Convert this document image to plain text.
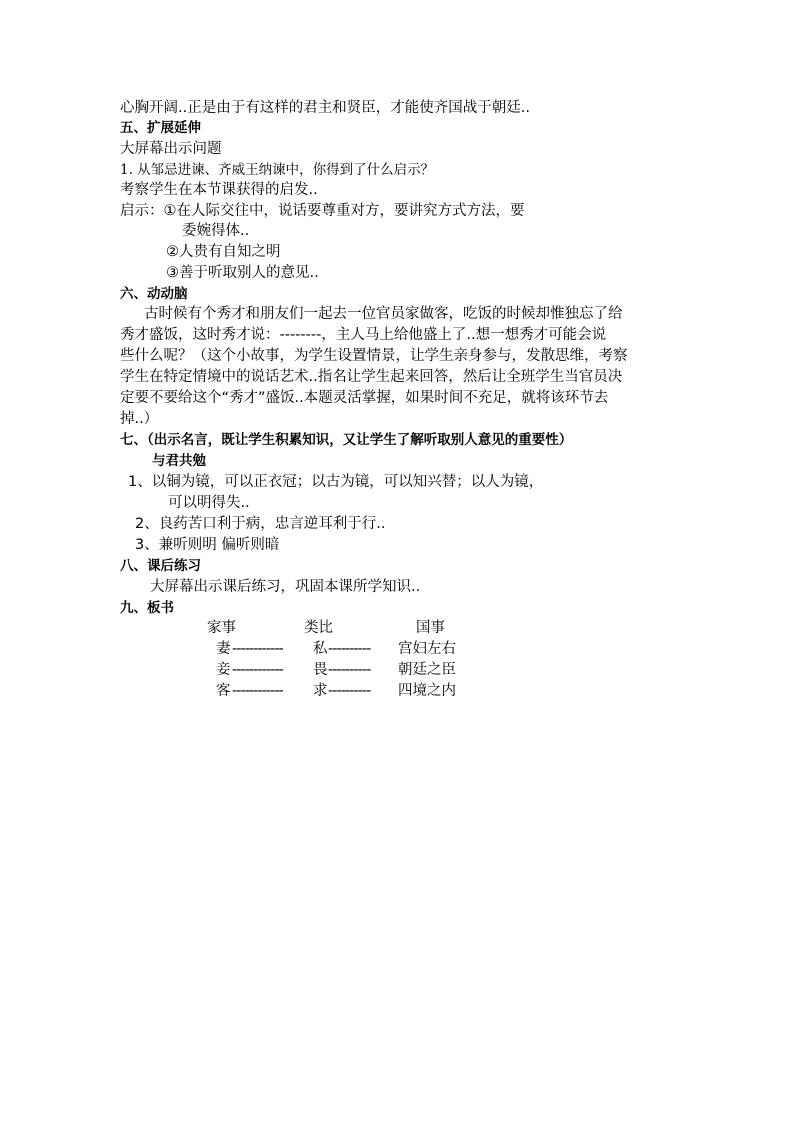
心胸开阔..正是由于有这样的君主和贤臣，才能使齐国战于朝廷..
五、扩展延伸
大屏幕出示问题
1. 从邹忌进谏、齐威王纳谏中，你得到了什么启示？
考察学生在本节课获得的启发..
启示：①在人际交往中，说话要尊重对方，要讲究方式方法，要
委婉得体..
②人贵有自知之明
③善于听取别人的意见..
六、动动脑
古时候有个秀才和朋友们一起去一位官员家做客，吃饭的时候却惟独忘了给
秀才盛饭，这时秀才说：--------，主人马上给他盛上了..想一想秀才可能会说
些什么呢？（这个小故事，为学生设置情景，让学生亲身参与，发散思维，考察
学生在特定情境中的说话艺术..指名让学生起来回答，然后让全班学生当官员决
定要不要给这个“秀才”盛饭..本题灵活掌握，如果时间不充足，就将该环节去
掉..）
七、（出示名言，既让学生积累知识，又让学生了解听取别人意见的重要性）
与君共勉
1、以铜为镜，可以正衣冠；以古为镜，可以知兴替；以人为镜，
可以明得失..
2、良药苦口利于病，忠言逆耳利于行..
3、兼听则明 偏听则暗
八、课后练习
大屏幕出示课后练习，巩固本课所学知识..
九、板书
家事	类比	国事
妻 ------------ 私 ---------- 宫妇左右
妾 ------------ 畏 ---------- 朝廷之臣
客 ------------ 求 ---------- 四境之内
